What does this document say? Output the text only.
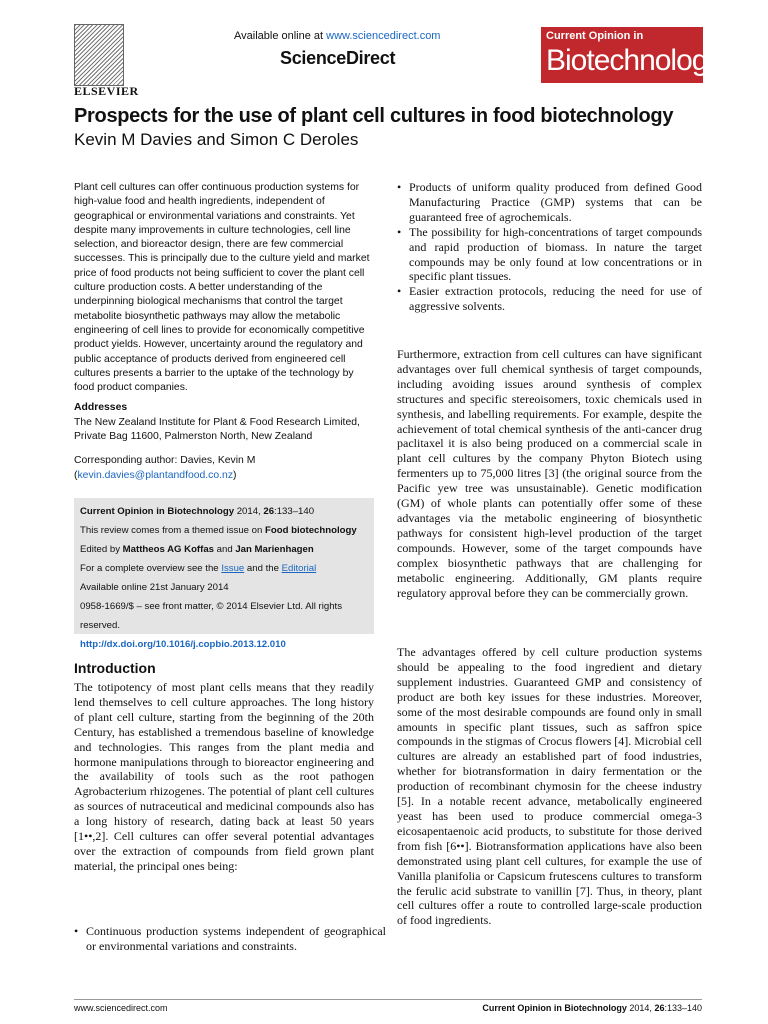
ELSEVIER
Available online at www.sciencedirect.com
ScienceDirect
Current Opinion in
Biotechnology
Prospects for the use of plant cell cultures in food biotechnology
Kevin M Davies and Simon C Deroles
Plant cell cultures can offer continuous production systems for high-value food and health ingredients, independent of geographical or environmental variations and constraints. Yet despite many improvements in culture technologies, cell line selection, and bioreactor design, there are few commercial successes. This is principally due to the culture yield and market price of food products not being sufficient to cover the plant cell culture production costs. A better understanding of the underpinning biological mechanisms that control the target metabolite biosynthetic pathways may allow the metabolic engineering of cell lines to provide for economically competitive product yields. However, uncertainty around the regulatory and public acceptance of products derived from engineered cell cultures presents a barrier to the uptake of the technology by food product companies.
Addresses
The New Zealand Institute for Plant & Food Research Limited, Private Bag 11600, Palmerston North, New Zealand
Corresponding author: Davies, Kevin M
(kevin.davies@plantandfood.co.nz)

Current Opinion in Biotechnology 2014, 26:133–140

This review comes from a themed issue on Food biotechnology

Edited by Mattheos AG Koffas and Jan Marienhagen

For a complete overview see the Issue and the Editorial

Available online 21st January 2014

0958-1669/$ – see front matter, © 2014 Elsevier Ltd. All rights reserved.

http://dx.doi.org/10.1016/j.copbio.2013.12.010

Introduction
The totipotency of most plant cells means that they readily lend themselves to cell culture approaches. The long history of plant cell culture, starting from the beginning of the 20th Century, has established a tremendous baseline of knowledge and technologies. This ranges from the plant media and hormone manipulations through to bioreactor engineering and the availability of tools such as the root pathogen Agrobacterium rhizogenes. The potential of plant cell cultures as sources of nutraceutical and medicinal compounds also has a long history of research, dating back at least 50 years [1••,2]. Cell cultures can offer several potential advantages over the extraction of compounds from field grown plant material, the principal ones being:
• Continuous production systems independent of geographical or environmental variations and constraints.
• Products of uniform quality produced from defined Good Manufacturing Practice (GMP) systems that can be guaranteed free of agrochemicals.
• The possibility for high-concentrations of target compounds and rapid production of biomass. In nature the target compounds may be only found at low concentrations or in specific plant tissues.
• Easier extraction protocols, reducing the need for use of aggressive solvents.

Furthermore, extraction from cell cultures can have significant advantages over full chemical synthesis of target compounds, including avoiding issues around synthesis of complex structures and specific stereoisomers, toxic chemicals used in synthesis, and labelling requirements. For example, despite the achievement of total chemical synthesis of the anti-cancer drug paclitaxel it is also being produced on a commercial scale in plant cell cultures by the company Phyton Biotech using fermenters up to 75,000 litres [3] (the original source from the Pacific yew tree was unsustainable). Genetic modification (GM) of whole plants can potentially offer some of these advantages via the metabolic engineering of biosynthetic pathways for consistent high-level production of the target compounds. However, some of the target compounds have complex biosynthetic pathways that are challenging for metabolic engineering. Additionally, GM plants require regulatory approval before they can be commercially grown.

The advantages offered by cell culture production systems should be appealing to the food ingredient and dietary supplement industries. Guaranteed GMP and consistency of product are both key issues for these industries. Moreover, some of the most desirable compounds are found only in small amounts in specific plant tissues, such as saffron spice compounds in the stigmas of Crocus flowers [4]. Microbial cell cultures are already an established part of food industries, whether for biotransformation in dairy fermentation or the production of recombinant chymosin for the cheese industry [5]. In a notable recent advance, metabolically engineered yeast has been used to produce commercial omega-3 eicosapentaenoic acid products, to substitute for those derived from fish [6••]. Biotransformation applications have also been demonstrated using plant cell cultures, for example the use of Vanilla planifolia or Capsicum frutescens cultures to transform the ferulic acid substrate to vanillin [7]. Thus, in theory, plant cell cultures offer a route to controlled large-scale production of food ingredients.

www.sciencedirect.com	Current Opinion in Biotechnology 2014, 26:133–140
